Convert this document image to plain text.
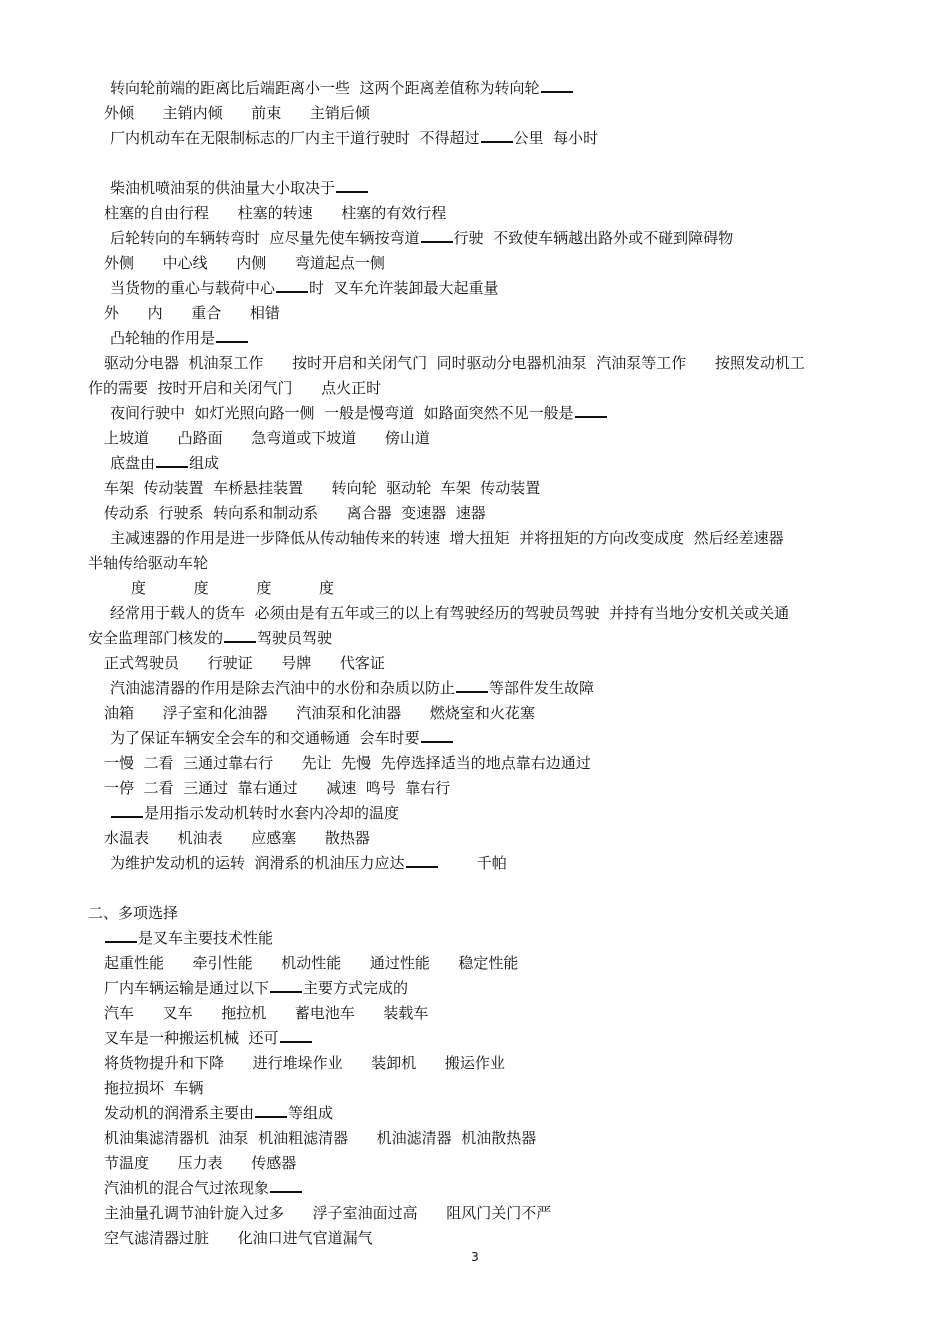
转向轮前端的距离比后端距离小一些  这两个距离差值称为转向轮
外倾      主销内倾      前束      主销后倾
厂内机动车在无限制标志的厂内主干道行驶时  不得超过 公里  每小时
柴油机喷油泵的供油量大小取决于
柱塞的自由行程      柱塞的转速      柱塞的有效行程
后轮转向的车辆转弯时  应尽量先使车辆按弯道 行驶  不致使车辆越出路外或不碰到障碍物
外侧      中心线      内侧      弯道起点一侧
当货物的重心与载荷中心 时  叉车允许装卸最大起重量
外      内      重合      相错
凸轮轴的作用是
驱动分电器  机油泵工作      按时开启和关闭气门  同时驱动分电器机油泵  汽油泵等工作      按照发动机工
作的需要  按时开启和关闭气门      点火正时
夜间行驶中  如灯光照向路一侧  一般是慢弯道  如路面突然不见一般是
上坡道      凸路面      急弯道或下坡道      傍山道
底盘由 组成
车架  传动装置  车桥悬挂装置      转向轮  驱动轮  车架  传动装置
传动系  行驶系  转向系和制动系      离合器  变速器  速器
主减速器的作用是进一步降低从传动轴传来的转速  增大扭矩  并将扭矩的方向改变成度  然后经差速器
半轴传给驱动车轮
度          度          度          度
经常用于载人的货车  必须由是有五年或三的以上有驾驶经历的驾驶员驾驶  并持有当地分安机关或关通
安全监理部门核发的 驾驶员驾驶
正式驾驶员      行驶证      号牌      代客证
汽油滤清器的作用是除去汽油中的水份和杂质以防止 等部件发生故障
油箱      浮子室和化油器      汽油泵和化油器      燃烧室和火花塞
为了保证车辆安全会车的和交通畅通  会车时要
一慢  二看  三通过靠右行      先让  先慢  先停选择适当的地点靠右边通过
一停  二看  三通过  靠右通过      减速  鸣号  靠右行
是用指示发动机转时水套内冷却的温度
水温表      机油表      应感塞      散热器
为维护发动机的运转  润滑系的机油压力应达        千帕
二、多项选择
是叉车主要技术性能
起重性能      牵引性能      机动性能      通过性能      稳定性能
厂内车辆运输是通过以下 主要方式完成的
汽车      叉车      拖拉机      蓄电池车      装载车
叉车是一种搬运机械  还可
将货物提升和下降      进行堆垛作业      装卸机      搬运作业
拖拉损坏  车辆
发动机的润滑系主要由 等组成
机油集滤清器机  油泵  机油粗滤清器      机油滤清器  机油散热器
节温度      压力表      传感器
汽油机的混合气过浓现象
主油量孔调节油针旋入过多      浮子室油面过高      阻风门关门不严
空气滤清器过脏      化油口进气官道漏气
3
